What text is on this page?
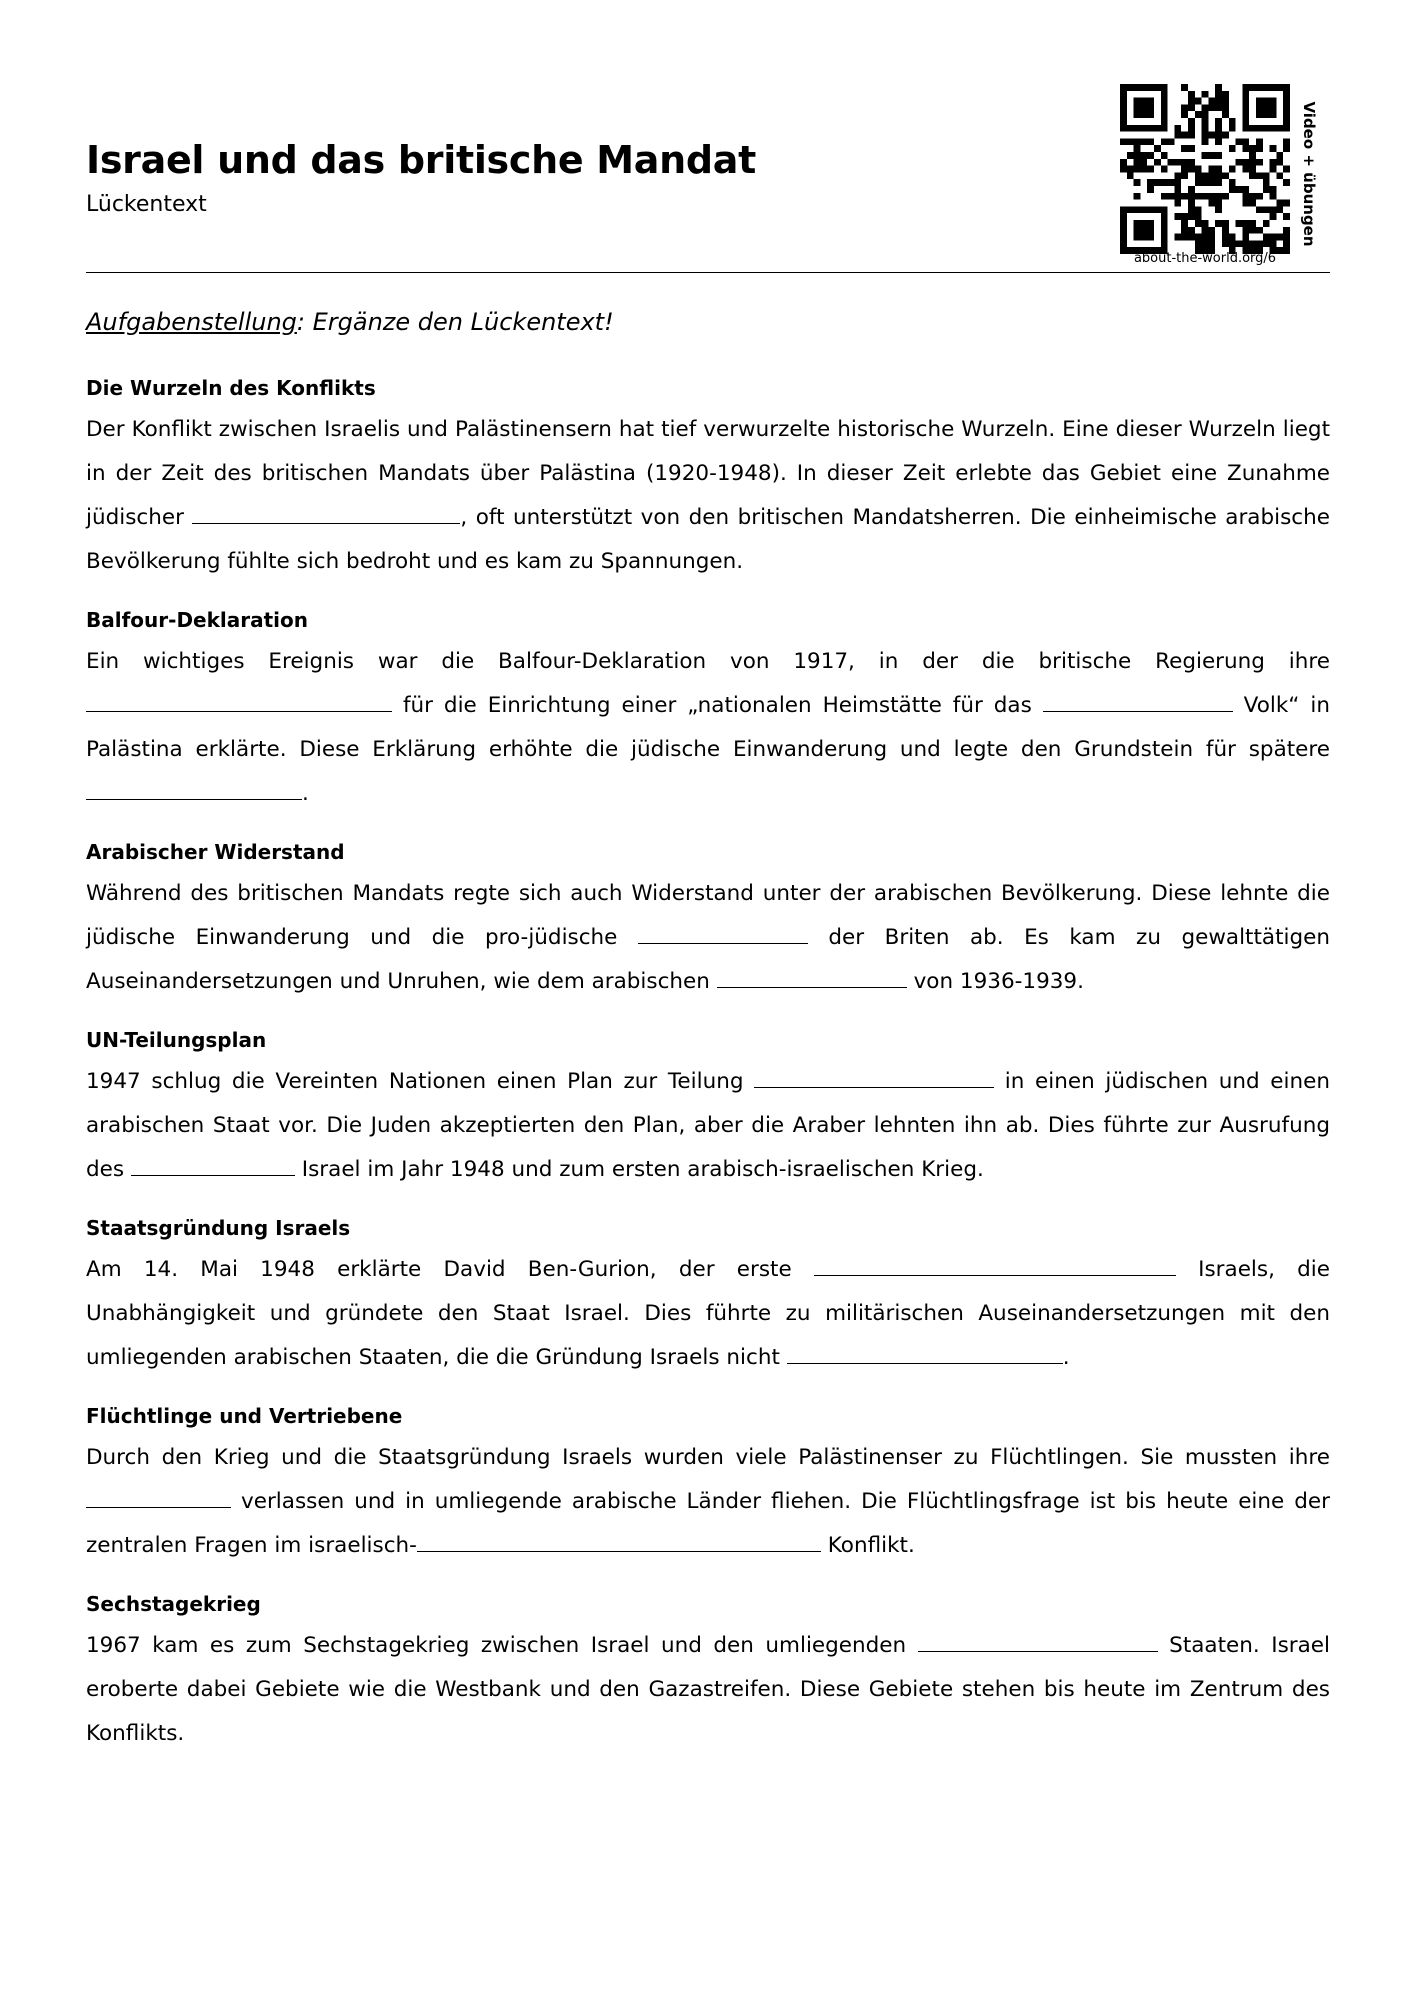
Israel und das britische Mandat
Lückentext
about-the-world.org/6
Video + übungen

Aufgabenstellung: Ergänze den Lückentext!

Die Wurzeln des Konflikts

Der Konflikt zwischen Israelis und Palästinensern hat tief verwurzelte historische Wurzeln. Eine dieser Wurzeln liegt in der Zeit des britischen Mandats über Palästina (1920-1948). In dieser Zeit erlebte das Gebiet eine Zunahme jüdischer	, oft unterstützt von den britischen Mandatsherren. Die einheimische arabische Bevölkerung fühlte sich bedroht und es kam zu Spannungen.

Balfour-Deklaration

Ein wichtiges Ereignis war die Balfour-Deklaration von 1917, in der die britische Regierung ihre  für die Einrichtung einer „nationalen Heimstätte für das	Volk“ in Palästina erklärte. Diese Erklärung erhöhte die jüdische Einwanderung und legte den Grundstein für spätere .

Arabischer Widerstand

Während des britischen Mandats regte sich auch Widerstand unter der arabischen Bevölkerung. Diese lehnte die jüdische Einwanderung und die pro-jüdische	der Briten ab. Es kam zu gewalttätigen Auseinandersetzungen und Unruhen, wie dem arabischen	von 1936-1939.

UN-Teilungsplan

1947 schlug die Vereinten Nationen einen Plan zur Teilung	in einen jüdischen und einen arabischen Staat vor. Die Juden akzeptierten den Plan, aber die Araber lehnten ihn ab. Dies führte zur Ausrufung des	Israel im Jahr 1948 und zum ersten arabisch-israelischen Krieg.

Staatsgründung Israels

Am 14. Mai 1948 erklärte David Ben-Gurion, der erste	Israels, die Unabhängigkeit und gründete den Staat Israel. Dies führte zu militärischen Auseinandersetzungen mit den umliegenden arabischen Staaten, die die Gründung Israels nicht	.

Flüchtlinge und Vertriebene

Durch den Krieg und die Staatsgründung Israels wurden viele Palästinenser zu Flüchtlingen. Sie mussten ihre  verlassen und in umliegende arabische Länder fliehen. Die Flüchtlingsfrage ist bis heute eine der zentralen Fragen im israelisch-	Konflikt.

Sechstagekrieg

1967 kam es zum Sechstagekrieg zwischen Israel und den umliegenden	Staaten. Israel eroberte dabei Gebiete wie die Westbank und den Gazastreifen. Diese Gebiete stehen bis heute im Zentrum des Konflikts.
